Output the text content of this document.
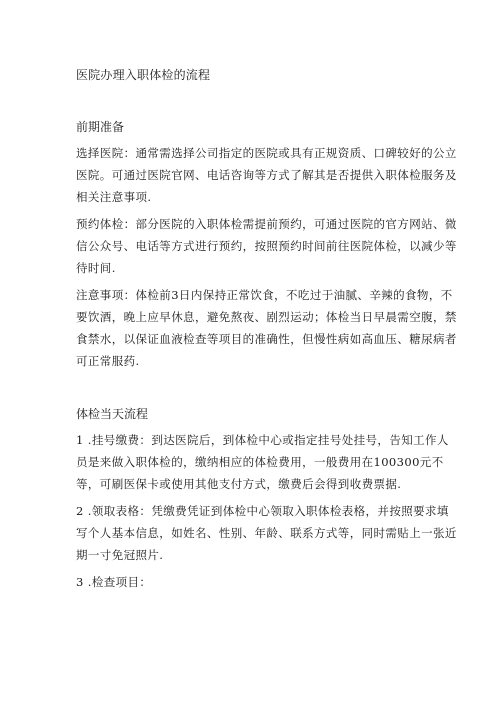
医院办理入职体检的流程
前期准备

选择医院：通常需选择公司指定的医院或具有正规资质、口碑较好的公立
医院。可通过医院官网、电话咨询等方式了解其是否提供入职体检服务及
相关注意事项.

预约体检：部分医院的入职体检需提前预约，可通过医院的官方网站、微
信公众号、电话等方式进行预约，按照预约时间前往医院体检，以减少等
待时间.

注意事项：体检前3日内保持正常饮食，不吃过于油腻、辛辣的食物，不
要饮酒，晚上应早休息，避免熬夜、剧烈运动；体检当日早晨需空腹，禁
食禁水，以保证血液检查等项目的准确性，但慢性病如高血压、糖尿病者
可正常服药.

体检当天流程

1 .挂号缴费：到达医院后，到体检中心或指定挂号处挂号，告知工作人
员是来做入职体检的，缴纳相应的体检费用，一般费用在100300元不
等，可刷医保卡或使用其他支付方式，缴费后会得到收费票据.

2 .领取表格：凭缴费凭证到体检中心领取入职体检表格，并按照要求填
写个人基本信息，如姓名、性别、年龄、联系方式等，同时需贴上一张近
期一寸免冠照片.

3 .检查项目：
